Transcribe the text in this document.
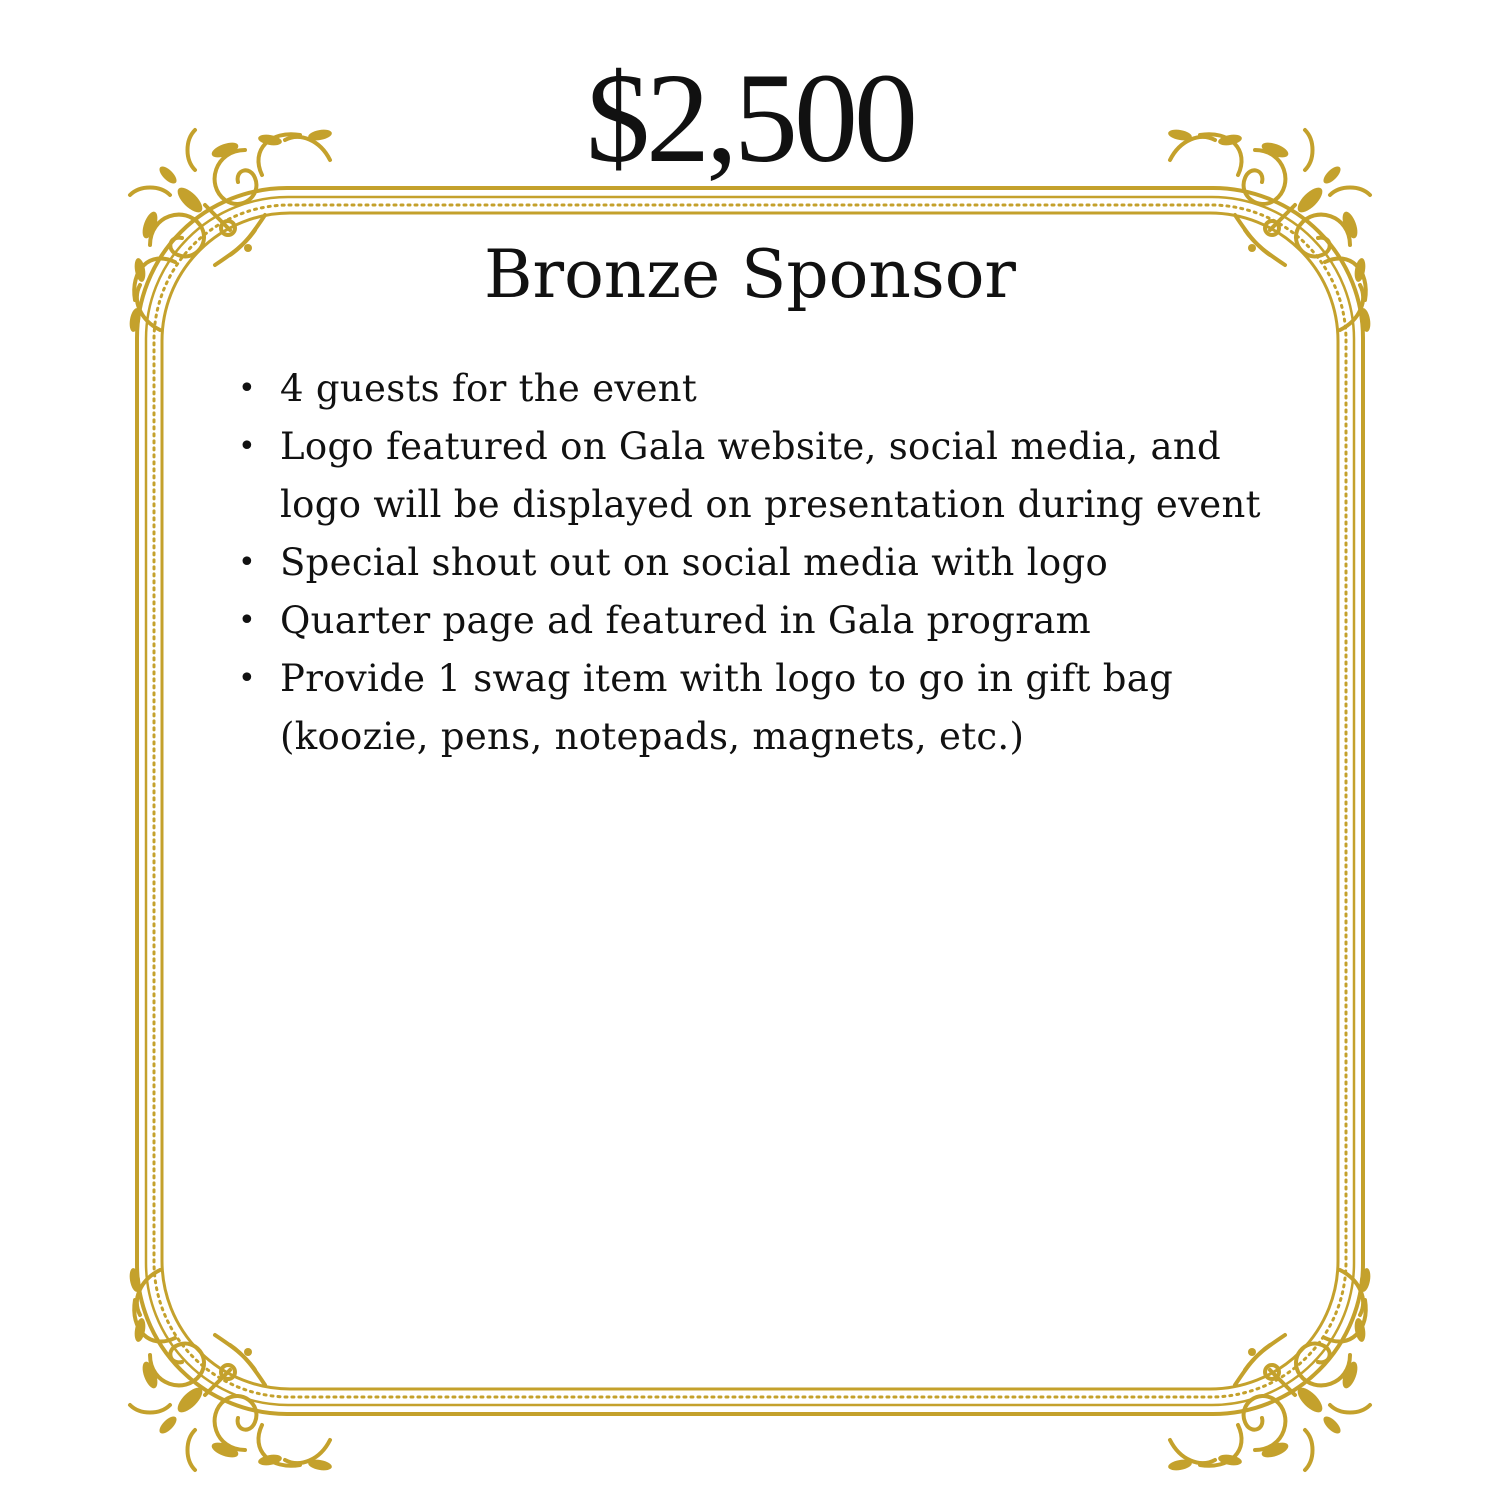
$2,500
Bronze Sponsor
• 4 guests for the event
• Logo featured on Gala website, social media, and logo will be displayed on presentation during event
• Special shout out on social media with logo
• Quarter page ad featured in Gala program
• Provide 1 swag item with logo to go in gift bag (koozie, pens, notepads, magnets, etc.)
